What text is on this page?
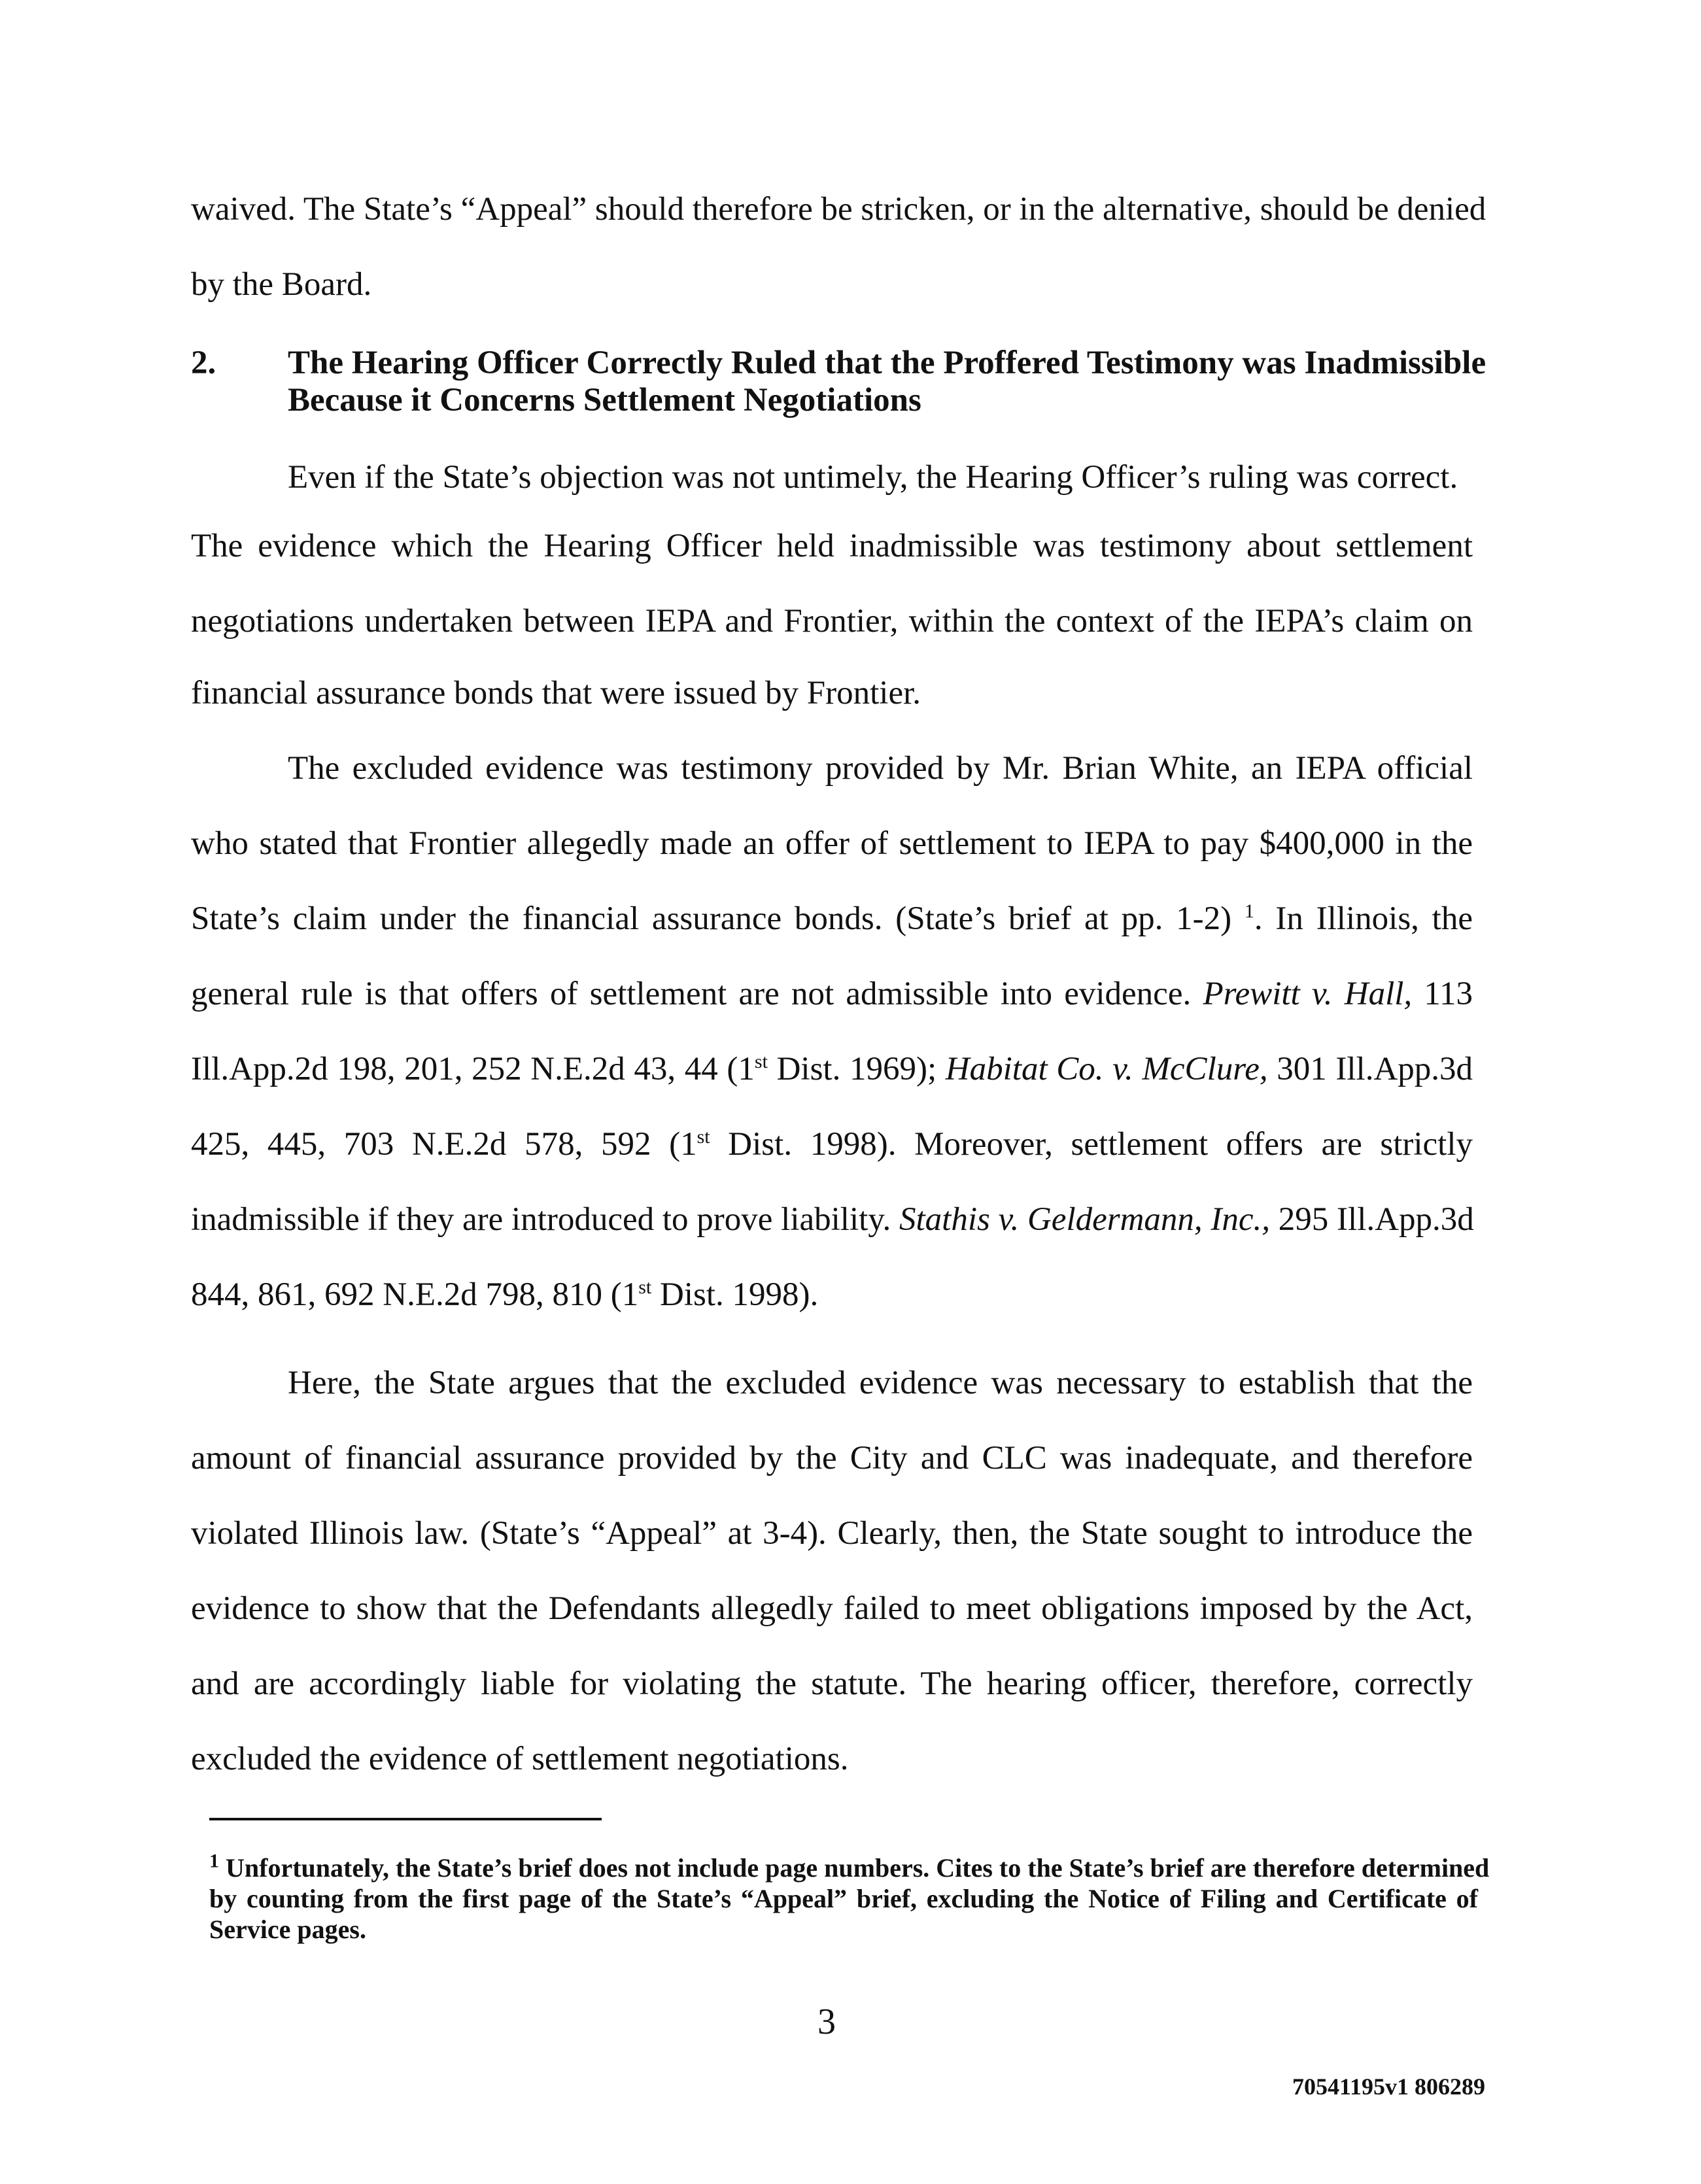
waived. The State’s “Appeal” should therefore be stricken, or in the alternative, should be denied
by the Board.
2. The Hearing Officer Correctly Ruled that the Proffered Testimony was Inadmissible
Because it Concerns Settlement Negotiations
Even if the State’s objection was not untimely, the Hearing Officer’s ruling was correct.
The evidence which the Hearing Officer held inadmissible was testimony about settlement
negotiations undertaken between IEPA and Frontier, within the context of the IEPA’s claim on
financial assurance bonds that were issued by Frontier.
The excluded evidence was testimony provided by Mr. Brian White, an IEPA official
who stated that Frontier allegedly made an offer of settlement to IEPA to pay $400,000 in the
State’s claim under the financial assurance bonds. (State’s brief at pp. 1-2) $^1$. In Illinois, the
general rule is that offers of settlement are not admissible into evidence. Prewitt v. Hall, 113
Ill.App.2d 198, 201, 252 N.E.2d 43, 44 (1st Dist. 1969); Habitat Co. v. McClure, 301 Ill.App.3d
425, 445, 703 N.E.2d 578, 592 (1st Dist. 1998). Moreover, settlement offers are strictly
inadmissible if they are introduced to prove liability. Stathis v. Geldermann, Inc., 295 Ill.App.3d
844, 861, 692 N.E.2d 798, 810 (1st Dist. 1998).
Here, the State argues that the excluded evidence was necessary to establish that the
amount of financial assurance provided by the City and CLC was inadequate, and therefore
violated Illinois law. (State’s “Appeal” at 3-4). Clearly, then, the State sought to introduce the
evidence to show that the Defendants allegedly failed to meet obligations imposed by the Act,
and are accordingly liable for violating the statute. The hearing officer, therefore, correctly
excluded the evidence of settlement negotiations.
$^1$ Unfortunately, the State’s brief does not include page numbers. Cites to the State’s brief are therefore determined
by counting from the first page of the State’s “Appeal” brief, excluding the Notice of Filing and Certificate of
Service pages.
3
70541195v1 806289
